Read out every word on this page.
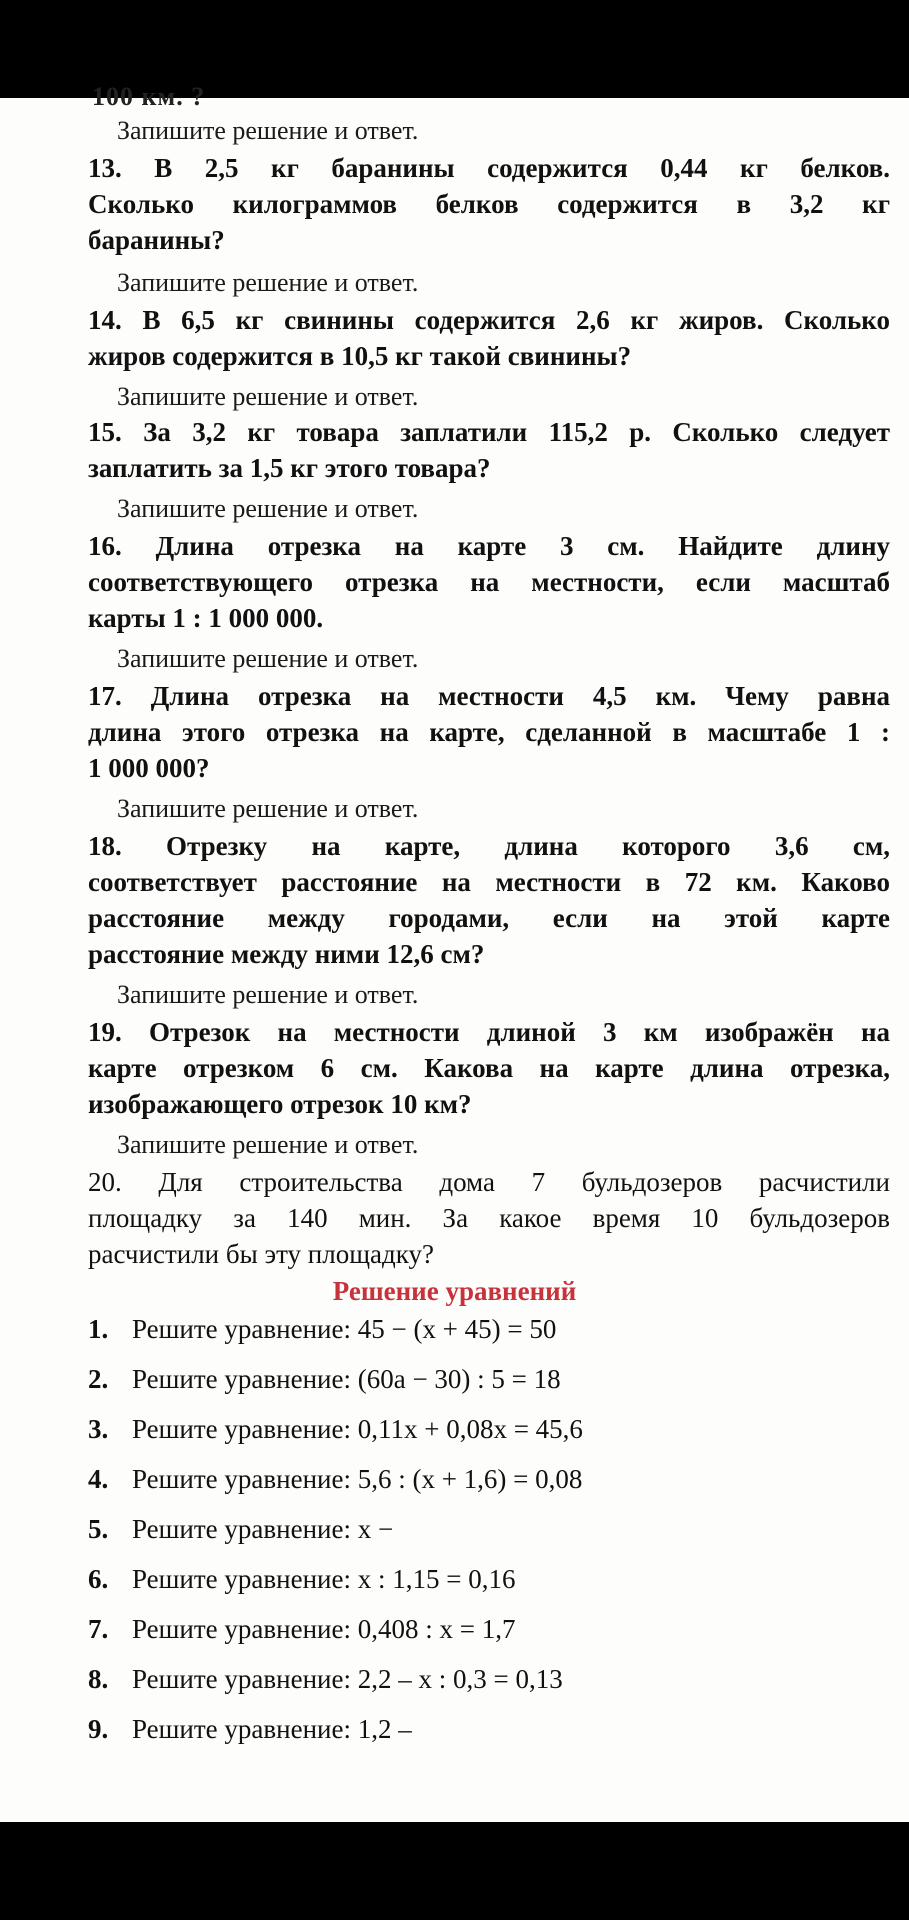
100 км. ?
Запишите решение и ответ.
13. В 2,5 кг баранины содержится 0,44 кг белков.
Сколько килограммов белков содержится в 3,2 кг
баранины?
Запишите решение и ответ.
14. В 6,5 кг свинины содержится 2,6 кг жиров. Сколько
жиров содержится в 10,5 кг такой свинины?
Запишите решение и ответ.
15. За 3,2 кг товара заплатили 115,2 р. Сколько следует
заплатить за 1,5 кг этого товара?
Запишите решение и ответ.
16. Длина отрезка на карте 3 см. Найдите длину
соответствующего отрезка на местности, если масштаб
карты 1 : 1 000 000.
Запишите решение и ответ.
17. Длина отрезка на местности 4,5 км. Чему равна
длина этого отрезка на карте, сделанной в масштабе 1 :
1 000 000?
Запишите решение и ответ.
18. Отрезку на карте, длина которого 3,6 см,
соответствует расстояние на местности в 72 км. Каково
расстояние между городами, если на этой карте
расстояние между ними 12,6 см?
Запишите решение и ответ.
19. Отрезок на местности длиной 3 км изображён на
карте отрезком 6 см. Какова на карте длина отрезка,
изображающего отрезок 10 км?
Запишите решение и ответ.
20. Для строительства дома 7 бульдозеров расчистили
площадку за 140 мин. За какое время 10 бульдозеров
расчистили бы эту площадку?
Решение уравнений
1. Решите уравнение: 45 − (x + 45) = 50
2. Решите уравнение: (60a − 30) : 5 = 18
3. Решите уравнение: 0,11x + 0,08x = 45,6
4. Решите уравнение: 5,6 : (x + 1,6) = 0,08
5. Решите уравнение: x −
6. Решите уравнение: x : 1,15 = 0,16
7. Решите уравнение: 0,408 : x = 1,7
8. Решите уравнение: 2,2 – x : 0,3 = 0,13
9. Решите уравнение: 1,2 –
